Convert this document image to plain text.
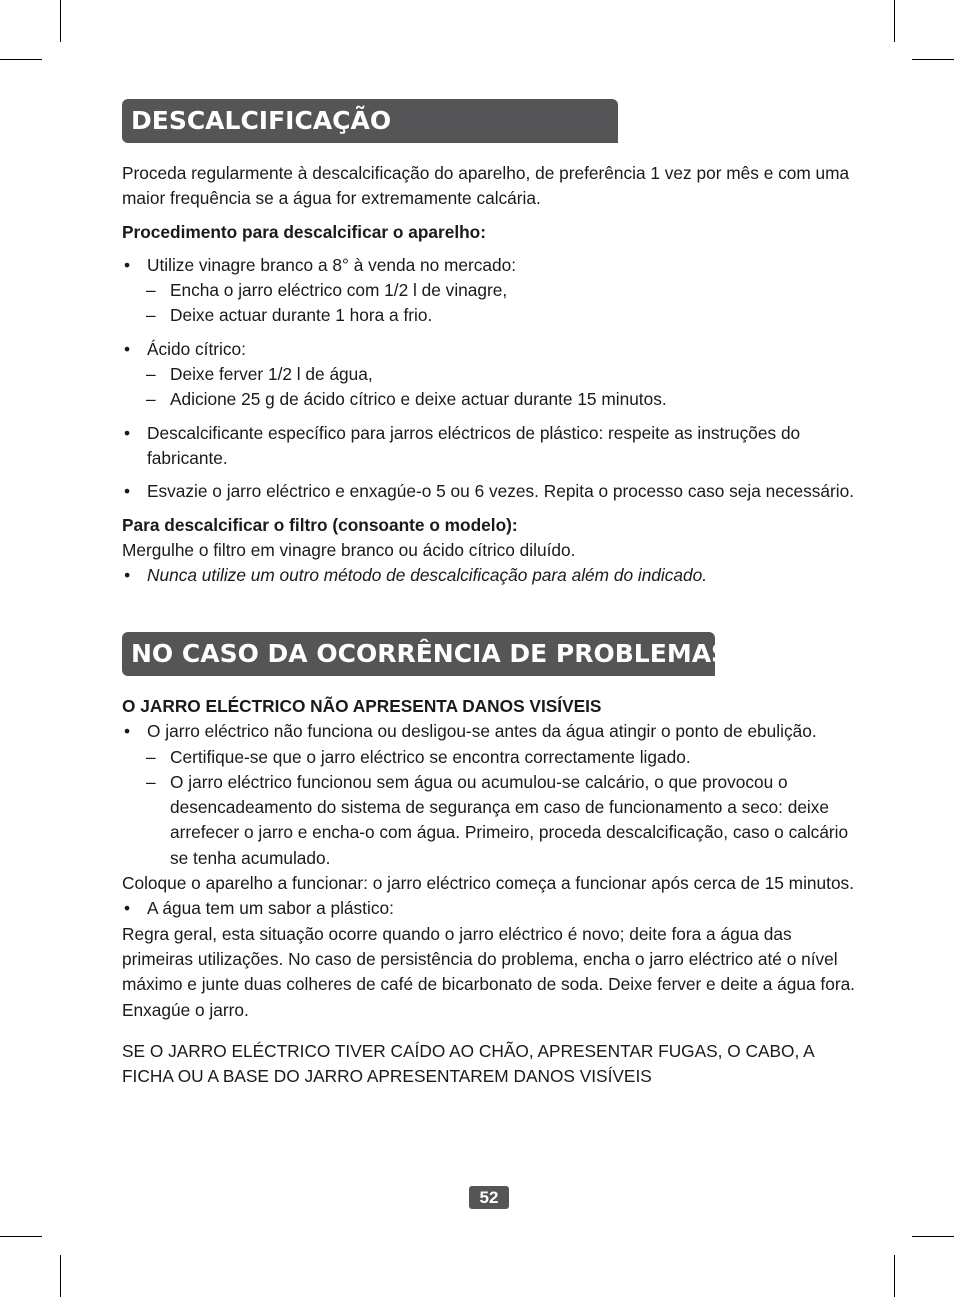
DESCALCIFICAÇÃO

Proceda regularmente à descalcificação do aparelho, de preferência 1 vez por mês e com uma maior frequência se a água for extremamente calcária.

Procedimento para descalcificar o aparelho:

• Utilize vinagre branco a 8° à venda no mercado:

– Encha o jarro eléctrico com 1/2 l de vinagre,

– Deixe actuar durante 1 hora a frio.

• Ácido cítrico:

– Deixe ferver 1/2 l de água,

– Adicione 25 g de ácido cítrico e deixe actuar durante 15 minutos.

• Descalcificante específico para jarros eléctricos de plástico: respeite as instruções do fabricante.

• Esvazie o jarro eléctrico e enxagúe-o 5 ou 6 vezes. Repita o processo caso seja necessário.

Para descalcificar o filtro (consoante o modelo):

Mergulhe o filtro em vinagre branco ou ácido cítrico diluído.

• Nunca utilize um outro método de descalcificação para além do indicado.

NO CASO DA OCORRÊNCIA DE PROBLEMAS

O JARRO ELÉCTRICO NÃO APRESENTA DANOS VISÍVEIS

• O jarro eléctrico não funciona ou desligou-se antes da água atingir o ponto de ebulição.

– Certifique-se que o jarro eléctrico se encontra correctamente ligado.

– O jarro eléctrico funcionou sem água ou acumulou-se calcário, o que provocou o desencadeamento do sistema de segurança em caso de funcionamento a seco: deixe arrefecer o jarro e encha-o com água. Primeiro, proceda descalcificação, caso o calcário se tenha acumulado.

Coloque o aparelho a funcionar: o jarro eléctrico começa a funcionar após cerca de 15 minutos.

• A água tem um sabor a plástico:

Regra geral, esta situação ocorre quando o jarro eléctrico é novo; deite fora a água das primeiras utilizações. No caso de persistência do problema, encha o jarro eléctrico até o nível máximo e junte duas colheres de café de bicarbonato de soda. Deixe ferver e deite a água fora. Enxagúe o jarro.

SE O JARRO ELÉCTRICO TIVER CAÍDO AO CHÃO, APRESENTAR FUGAS, O CABO, A FICHA OU A BASE DO JARRO APRESENTAREM DANOS VISÍVEIS

52
